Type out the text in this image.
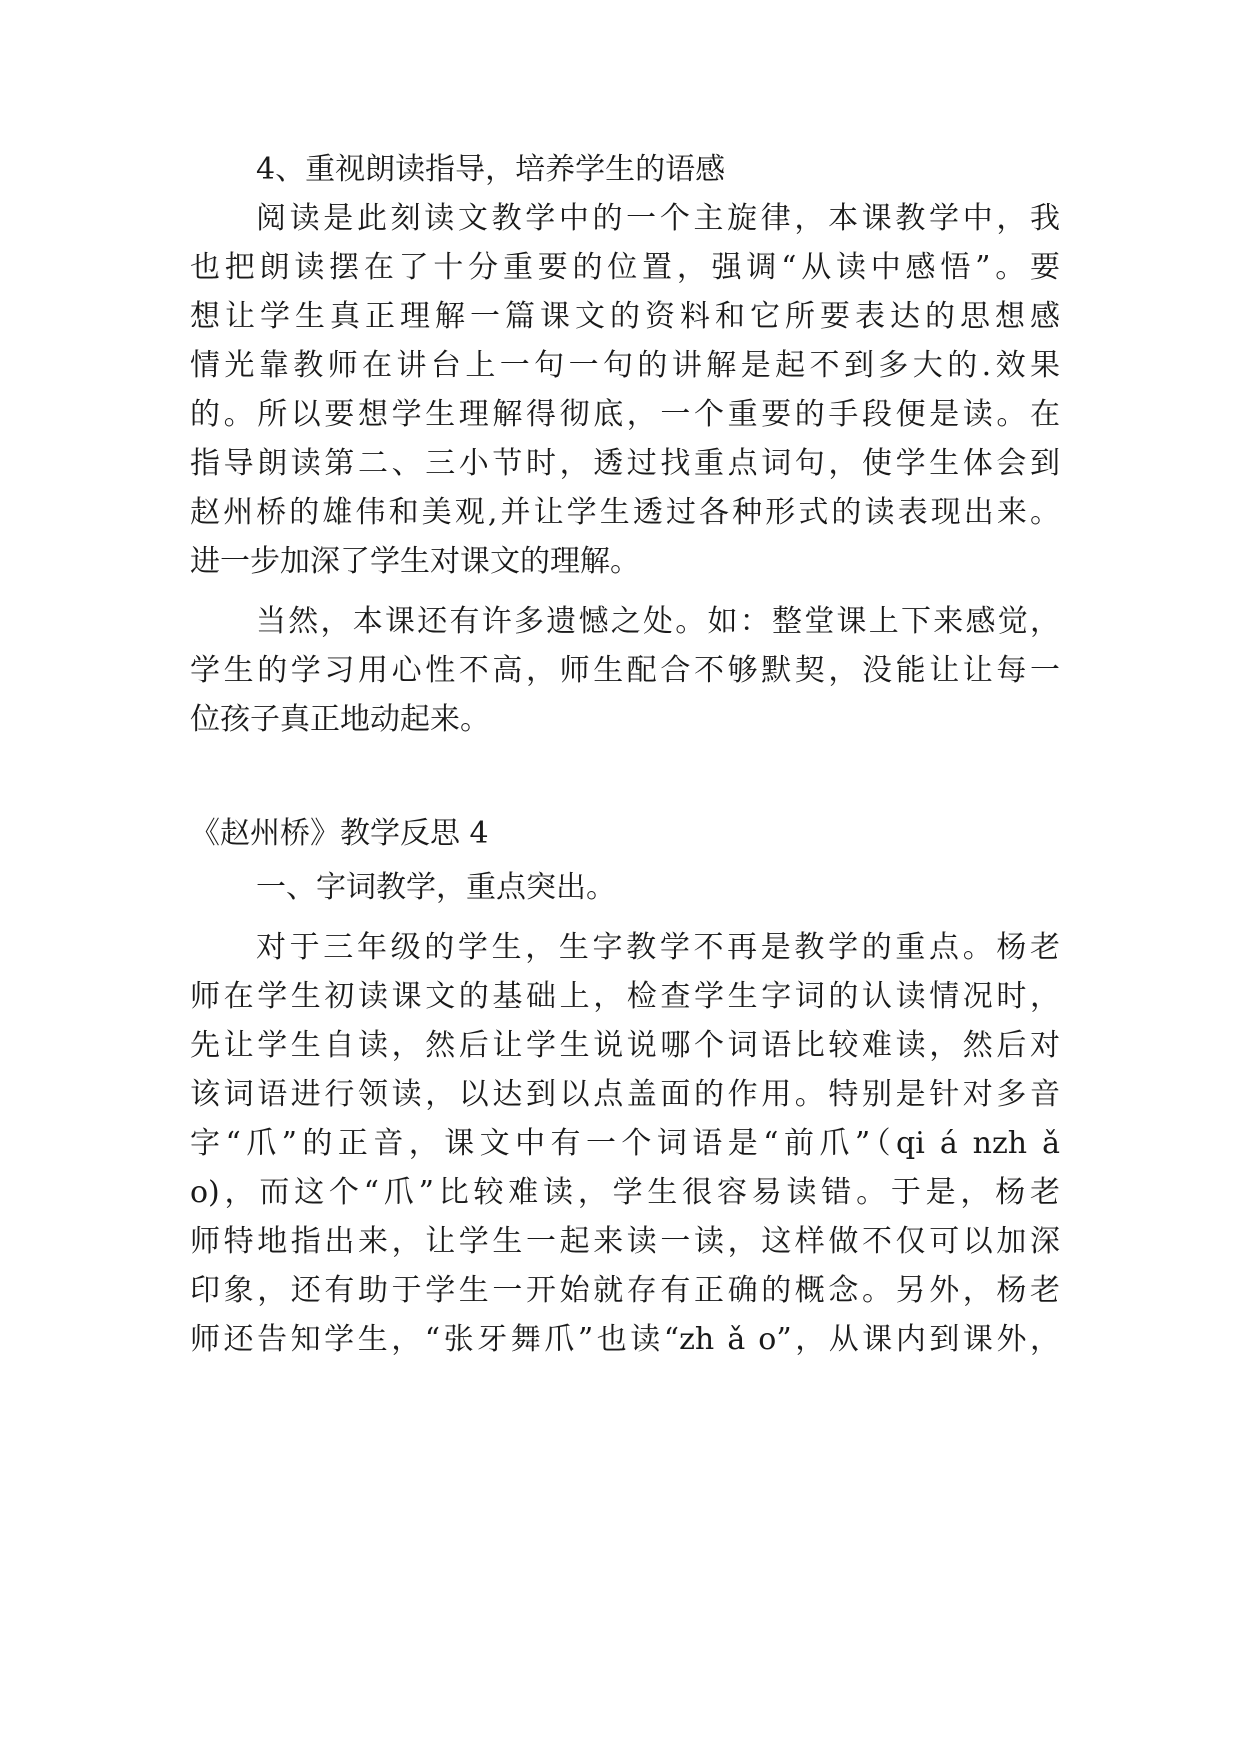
4、重视朗读指导，培养学生的语感
阅读是此刻读文教学中的一个主旋律，本课教学中，我
也把朗读摆在了十分重要的位置，强调“从读中感悟”。要
想让学生真正理解一篇课文的资料和它所要表达的思想感
情光靠教师在讲台上一句一句的讲解是起不到多大的.效果
的。所以要想学生理解得彻底，一个重要的手段便是读。在
指导朗读第二、三小节时，透过找重点词句，使学生体会到
赵州桥的雄伟和美观,并让学生透过各种形式的读表现出来。
进一步加深了学生对课文的理解。
当然，本课还有许多遗憾之处。如：整堂课上下来感觉，
学生的学习用心性不高，师生配合不够默契，没能让让每一
位孩子真正地动起来。
《赵州桥》教学反思 4
一、字词教学，重点突出。
对于三年级的学生，生字教学不再是教学的重点。杨老
师在学生初读课文的基础上，检查学生字词的认读情况时，
先让学生自读，然后让学生说说哪个词语比较难读，然后对
该词语进行领读，以达到以点盖面的作用。特别是针对多音
字“爪”的正音，课文中有一个词语是“前爪”（qi á nzh ǎ
o)，而这个“爪”比较难读，学生很容易读错。于是，杨老
师特地指出来，让学生一起来读一读，这样做不仅可以加深
印象，还有助于学生一开始就存有正确的概念。另外，杨老
师还告知学生，“张牙舞爪”也读“zh ǎ o”，从课内到课外，
